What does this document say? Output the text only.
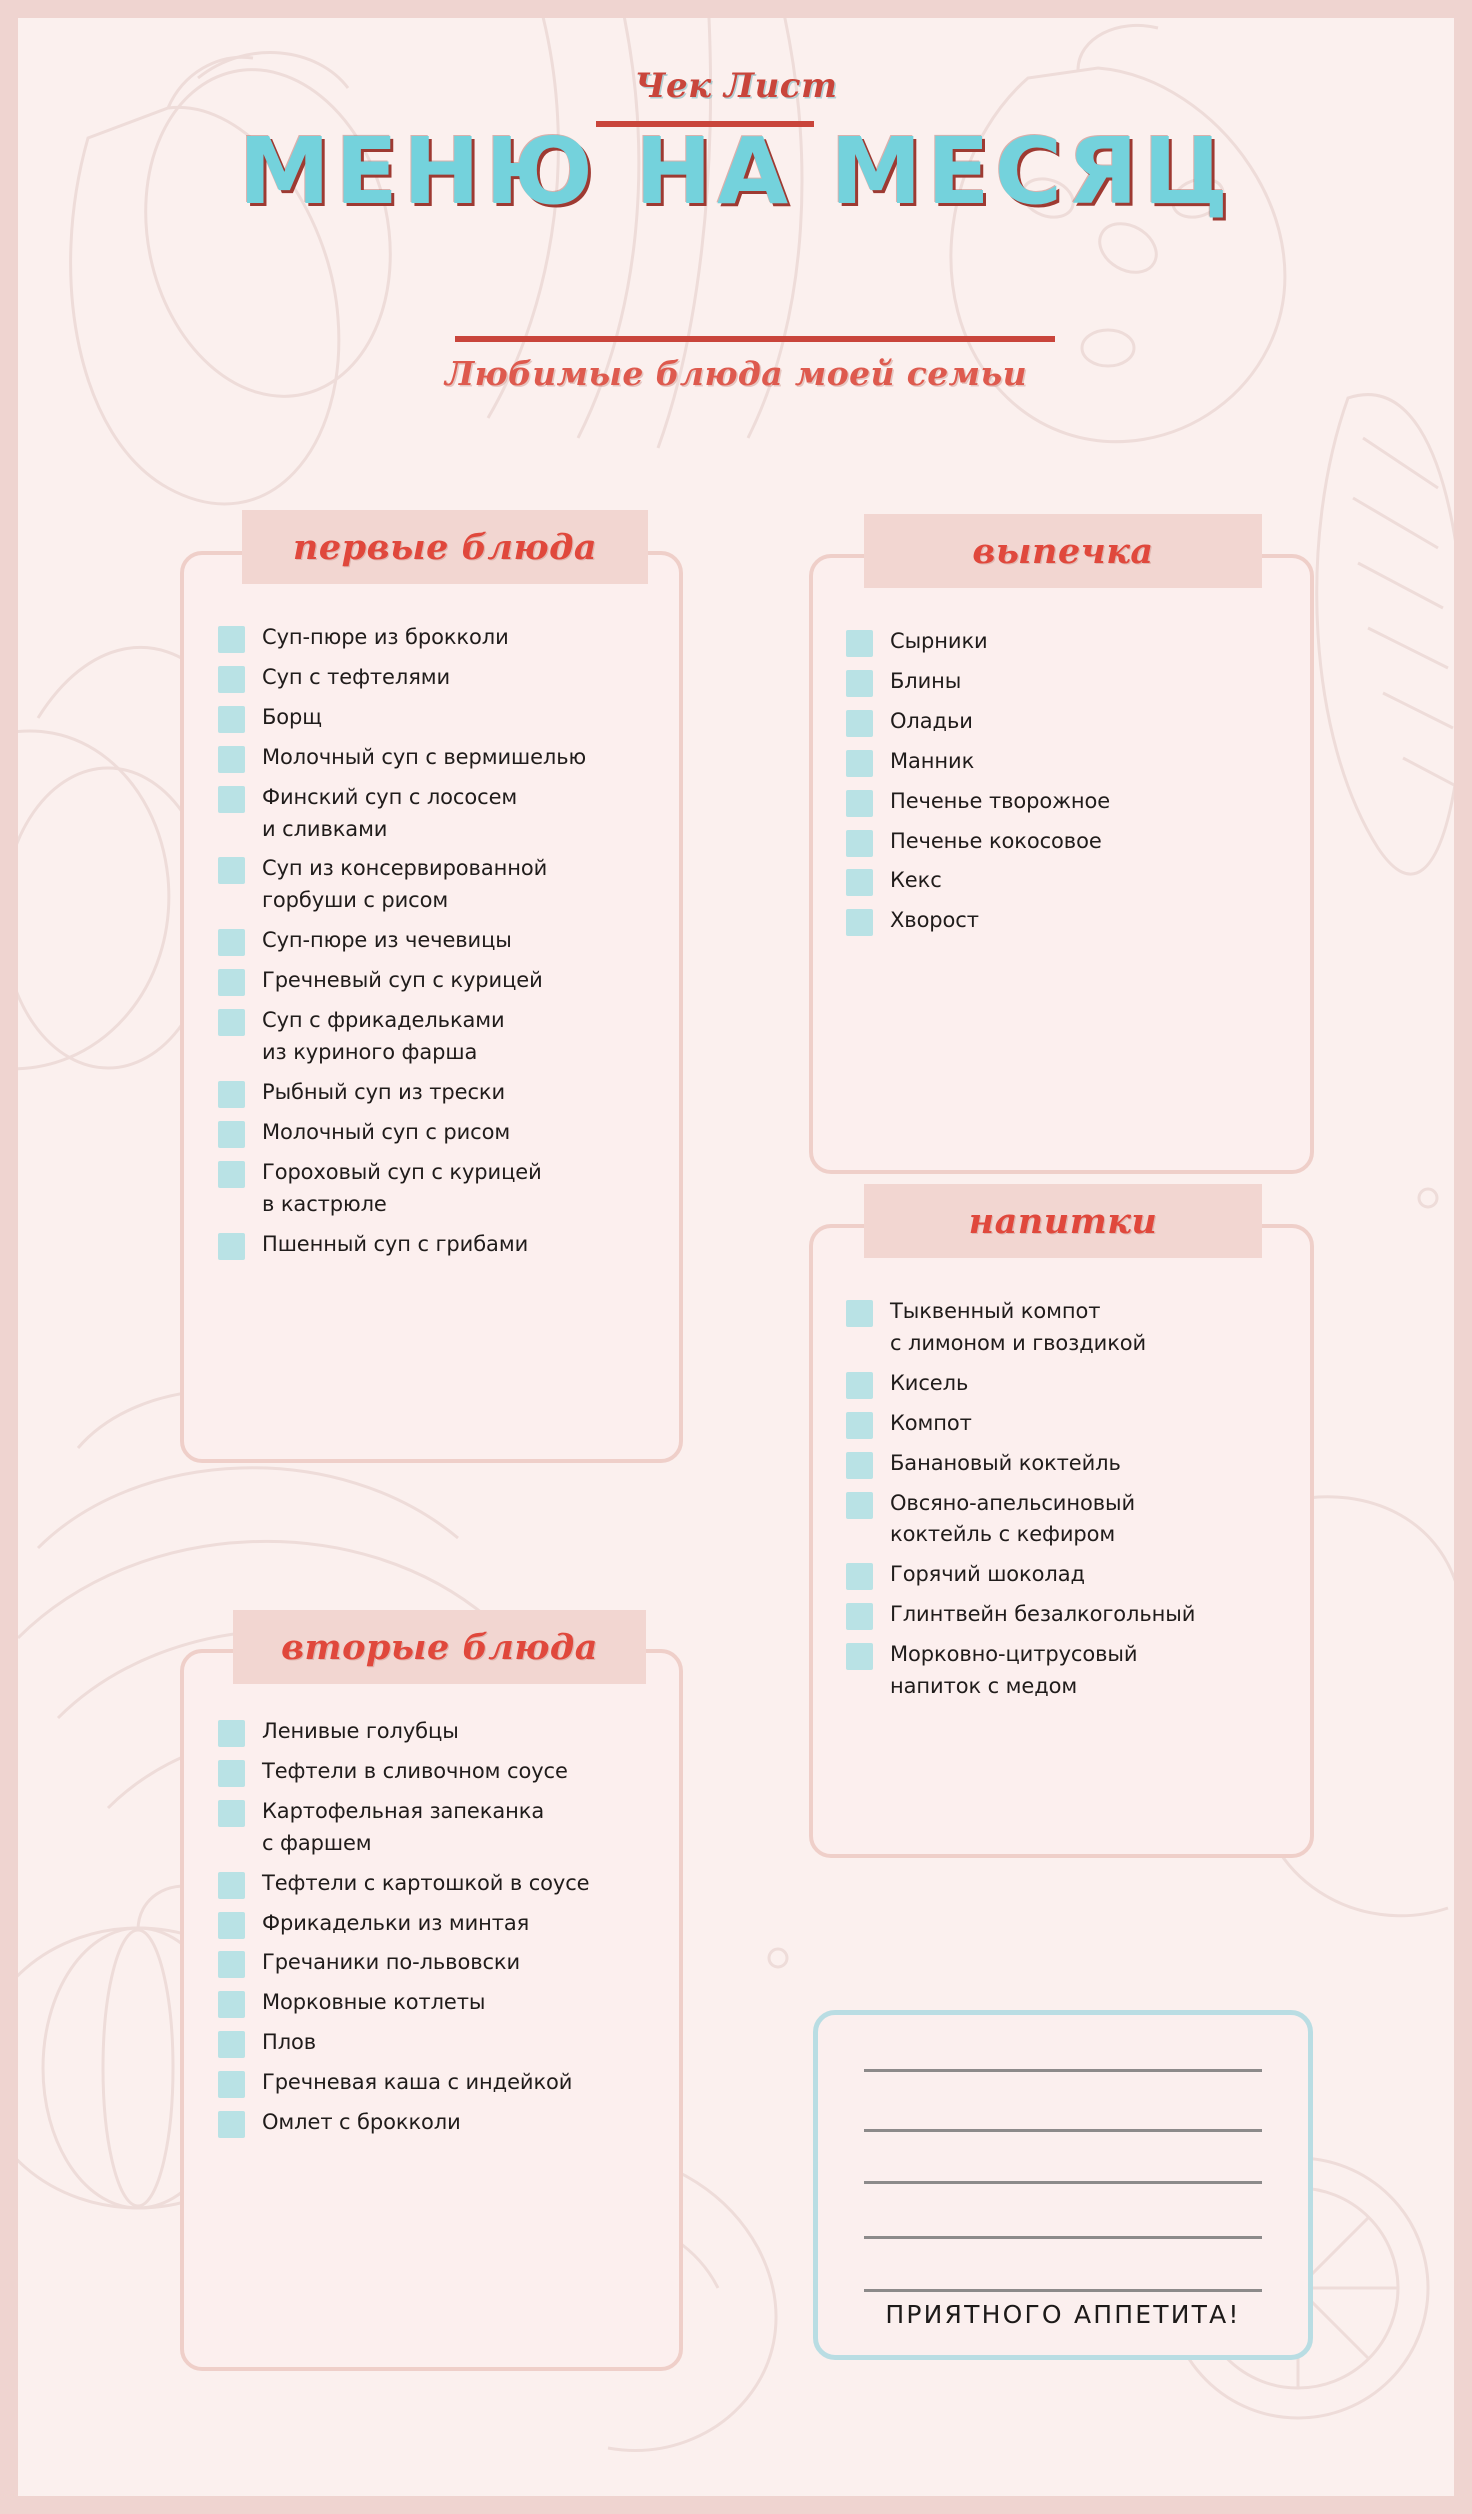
Чек Лист
МЕНЮ НА МЕСЯЦ
Любимые блюда моей семьи
первые блюда
Суп-пюре из брокколи
Суп с тефтелями
Борщ
Молочный суп с вермишелью
Финский суп с лососем
и сливками
Суп из консервированной
горбуши с рисом
Суп-пюре из чечевицы
Гречневый суп с курицей
Суп с фрикадельками
из куриного фарша
Рыбный суп из трески
Молочный суп с рисом
Гороховый суп с курицей
в кастрюле
Пшенный суп с грибами
выпечка
Сырники
Блины
Оладьи
Манник
Печенье творожное
Печенье кокосовое
Кекс
Хворост
напитки
Тыквенный компот
с лимоном и гвоздикой
Кисель
Компот
Банановый коктейль
Овсяно-апельсиновый
коктейль с кефиром
Горячий шоколад
Глинтвейн безалкогольный
Морковно-цитрусовый
напиток с медом
вторые блюда
Ленивые голубцы
Тефтели в сливочном соусе
Картофельная запеканка
с фаршем
Тефтели с картошкой в соусе
Фрикадельки из минтая
Гречаники по-львовски
Морковные котлеты
Плов
Гречневая каша с индейкой
Омлет с брокколи
ПРИЯТНОГО АППЕТИТА!
